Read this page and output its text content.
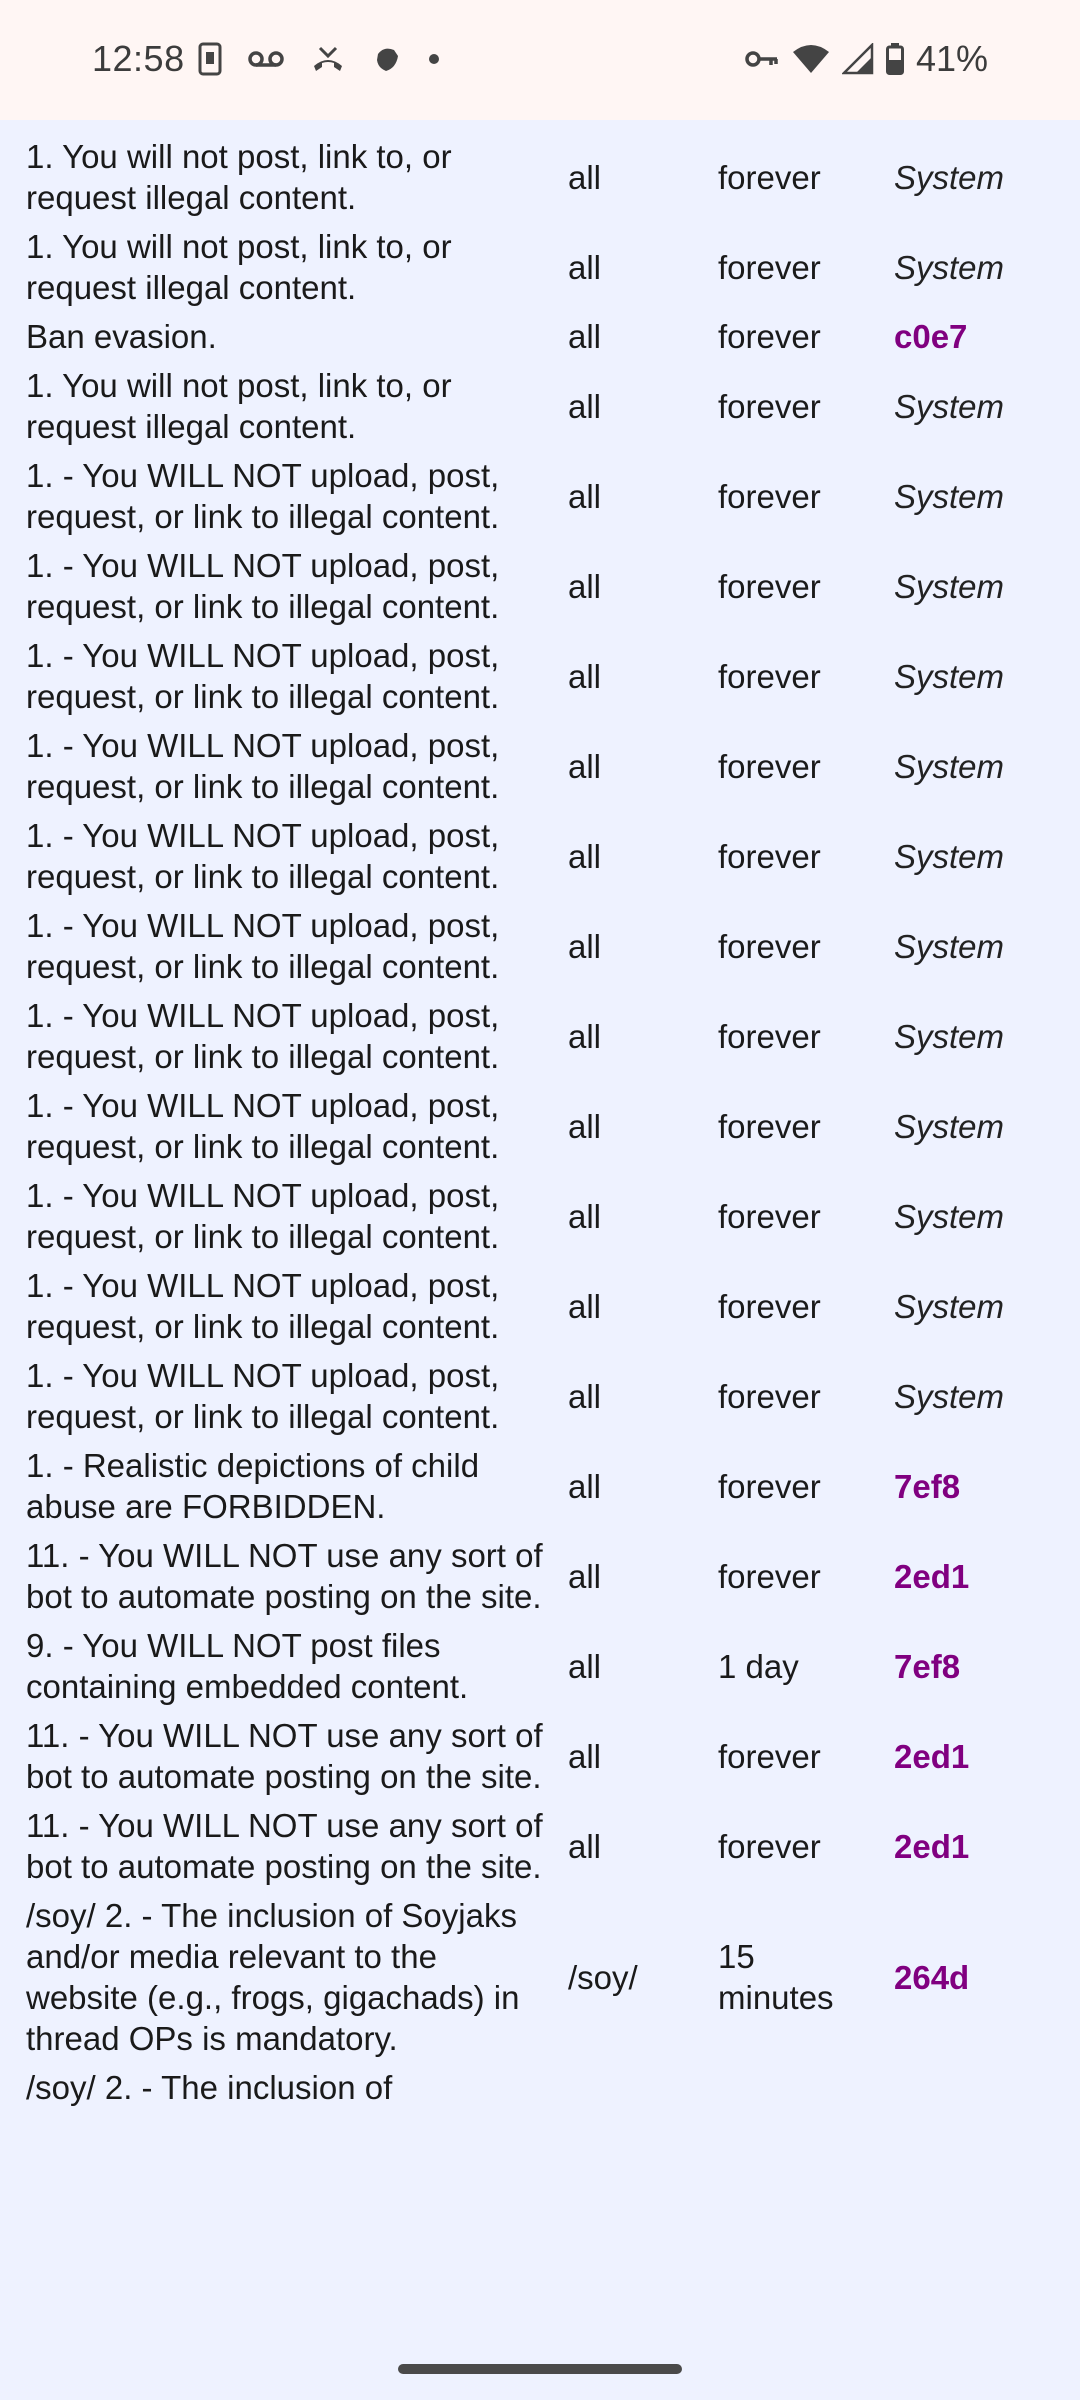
12:58	41%
1. You will not post, link to, or request illegal content.	all	forever	System
1. You will not post, link to, or request illegal content.	all	forever	System
Ban evasion.	all	forever	c0e7
1. You will not post, link to, or request illegal content.	all	forever	System
1. - You WILL NOT upload, post, request, or link to illegal content.	all	forever	System
1. - You WILL NOT upload, post, request, or link to illegal content.	all	forever	System
1. - You WILL NOT upload, post, request, or link to illegal content.	all	forever	System
1. - You WILL NOT upload, post, request, or link to illegal content.	all	forever	System
1. - You WILL NOT upload, post, request, or link to illegal content.	all	forever	System
1. - You WILL NOT upload, post, request, or link to illegal content.	all	forever	System
1. - You WILL NOT upload, post, request, or link to illegal content.	all	forever	System
1. - You WILL NOT upload, post, request, or link to illegal content.	all	forever	System
1. - You WILL NOT upload, post, request, or link to illegal content.	all	forever	System
1. - You WILL NOT upload, post, request, or link to illegal content.	all	forever	System
1. - You WILL NOT upload, post, request, or link to illegal content.	all	forever	System
1. - Realistic depictions of child abuse are FORBIDDEN.	all	forever	7ef8
11. - You WILL NOT use any sort of bot to automate posting on the site.	all	forever	2ed1
9. - You WILL NOT post files containing embedded content.	all	1 day	7ef8
11. - You WILL NOT use any sort of bot to automate posting on the site.	all	forever	2ed1
11. - You WILL NOT use any sort of bot to automate posting on the site.	all	forever	2ed1
/soy/ 2. - The inclusion of Soyjaks and/or media relevant to the website (e.g., frogs, gigachads) in thread OPs is mandatory.	/soy/	15 minutes	264d
/soy/ 2. - The inclusion of			
